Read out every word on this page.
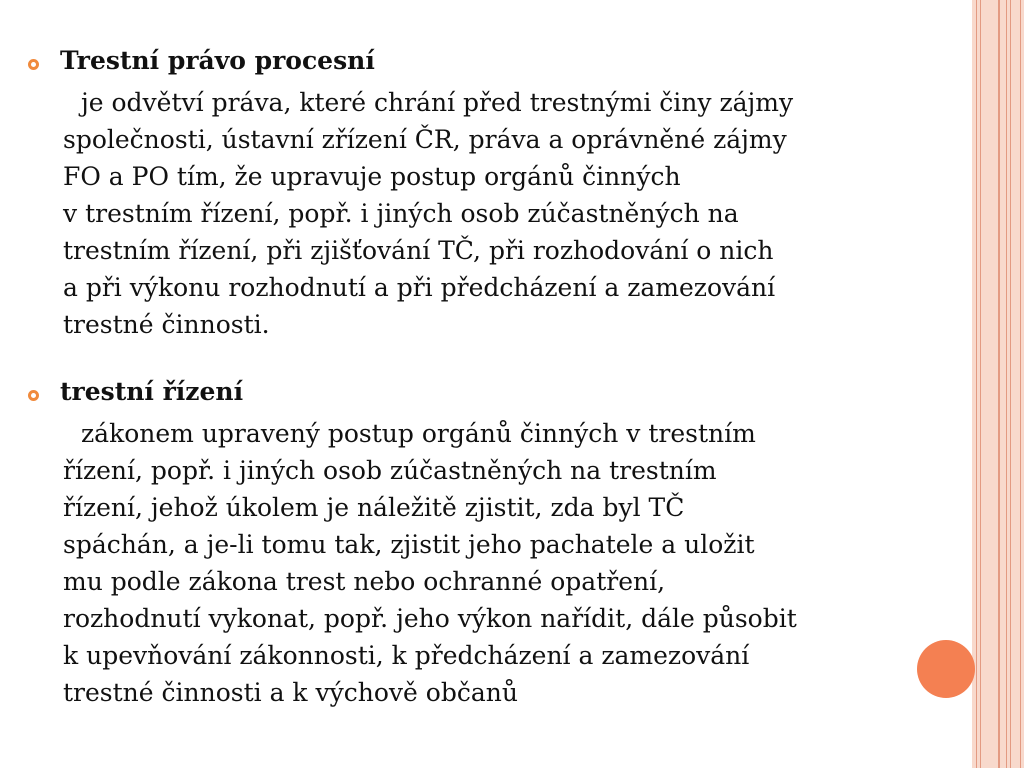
Trestní právo procesní
je odvětví práva, které chrání před trestnými činy zájmy
společnosti, ústavní zřízení ČR, práva a oprávněné zájmy
FO a PO tím, že upravuje postup orgánů činných
v trestním řízení, popř. i jiných osob zúčastněných na
trestním řízení, při zjišťování TČ, při rozhodování o nich
a při výkonu rozhodnutí a při předcházení a zamezování
trestné činnosti.
trestní řízení
zákonem upravený postup orgánů činných v trestním
řízení, popř. i jiných osob zúčastněných na trestním
řízení, jehož úkolem je náležitě zjistit, zda byl TČ
spáchán, a je-li tomu tak, zjistit jeho pachatele a uložit
mu podle zákona trest nebo ochranné opatření,
rozhodnutí vykonat, popř. jeho výkon nařídit, dále působit
k upevňování zákonnosti, k předcházení a zamezování
trestné činnosti a k výchově občanů
